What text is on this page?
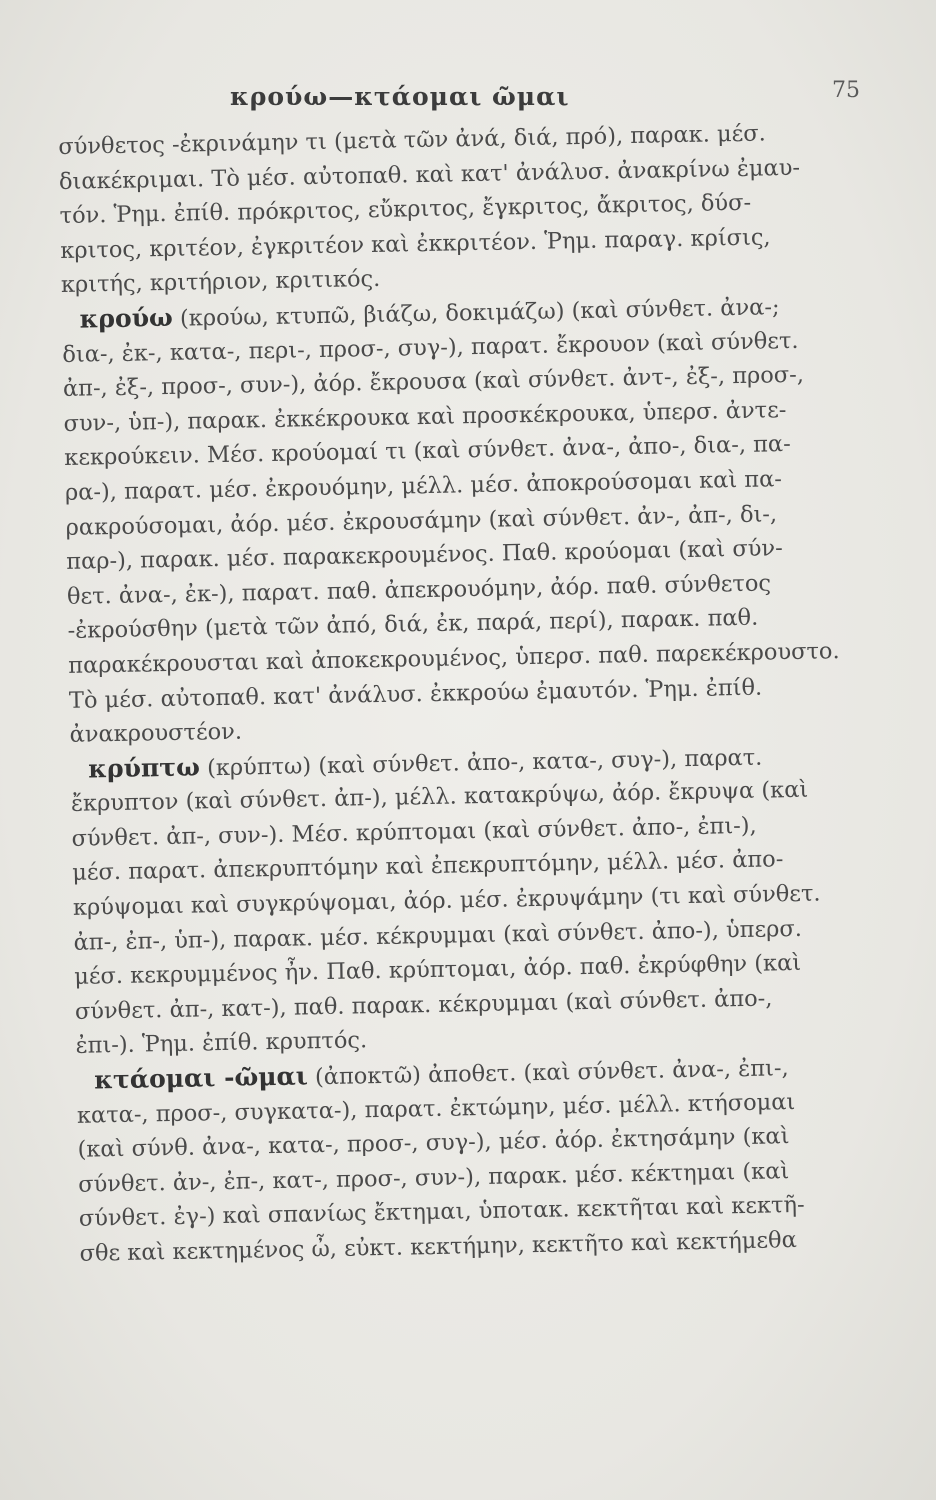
κρούω—κτάομαι ῶμαι	75
σύνθετος -ἐκρινάμην τι (μετὰ τῶν ἀνά, διά, πρό), παρακ. μέσ.
διακέκριμαι. Τὸ μέσ. αὐτοπαθ. καὶ κατ' ἀνάλυσ. ἀνακρίνω ἐμαυ-
τόν. Ῥημ. ἐπίθ. πρόκριτος, εὔκριτος, ἔγκριτος, ἄκριτος, δύσ-
κριτος, κριτέον, ἐγκριτέον καὶ ἐκκριτέον. Ῥημ. παραγ. κρίσις,
κριτής, κριτήριον, κριτικός.
κρούω (κρούω, κτυπῶ, βιάζω, δοκιμάζω) (καὶ σύνθετ. ἀνα-;
δια-, ἐκ-, κατα-, περι-, προσ-, συγ-), παρατ. ἔκρουον (καὶ σύνθετ.
ἀπ-, ἐξ-, προσ-, συν-), ἀόρ. ἔκρουσα (καὶ σύνθετ. ἀντ-, ἐξ-, προσ-,
συν-, ὑπ-), παρακ. ἐκκέκρουκα καὶ προσκέκρουκα, ὑπερσ. ἀντε-
κεκρούκειν. Μέσ. κρούομαί τι (καὶ σύνθετ. ἀνα-, ἀπο-, δια-, πα-
ρα-), παρατ. μέσ. ἐκρουόμην, μέλλ. μέσ. ἀποκρούσομαι καὶ πα-
ρακρούσομαι, ἀόρ. μέσ. ἐκρουσάμην (καὶ σύνθετ. ἀν-, ἀπ-, δι-,
παρ-), παρακ. μέσ. παρακεκρουμένος. Παθ. κρούομαι (καὶ σύν-
θετ. ἀνα-, ἐκ-), παρατ. παθ. ἀπεκρουόμην, ἀόρ. παθ. σύνθετος
-ἐκρούσθην (μετὰ τῶν ἀπό, διά, ἐκ, παρά, περί), παρακ. παθ.
παρακέκρουσται καὶ ἀποκεκρουμένος, ὑπερσ. παθ. παρεκέκρουστο.
Τὸ μέσ. αὐτοπαθ. κατ' ἀνάλυσ. ἐκκρούω ἐμαυτόν. Ῥημ. ἐπίθ.
ἀνακρουστέον.
κρύπτω (κρύπτω) (καὶ σύνθετ. ἀπο-, κατα-, συγ-), παρατ.
ἔκρυπτον (καὶ σύνθετ. ἀπ-), μέλλ. κατακρύψω, ἀόρ. ἔκρυψα (καὶ
σύνθετ. ἀπ-, συν-). Μέσ. κρύπτομαι (καὶ σύνθετ. ἀπο-, ἐπι-),
μέσ. παρατ. ἀπεκρυπτόμην καὶ ἐπεκρυπτόμην, μέλλ. μέσ. ἀπο-
κρύψομαι καὶ συγκρύψομαι, ἀόρ. μέσ. ἐκρυψάμην (τι καὶ σύνθετ.
ἀπ-, ἐπ-, ὑπ-), παρακ. μέσ. κέκρυμμαι (καὶ σύνθετ. ἀπο-), ὑπερσ.
μέσ. κεκρυμμένος ἦν. Παθ. κρύπτομαι, ἀόρ. παθ. ἐκρύφθην (καὶ
σύνθετ. ἀπ-, κατ-), παθ. παρακ. κέκρυμμαι (καὶ σύνθετ. ἀπο-,
ἐπι-). Ῥημ. ἐπίθ. κρυπτός.
κτάομαι -ῶμαι (ἀποκτῶ) ἀποθετ. (καὶ σύνθετ. ἀνα-, ἐπι-,
κατα-, προσ-, συγκατα-), παρατ. ἐκτώμην, μέσ. μέλλ. κτήσομαι
(καὶ σύνθ. ἀνα-, κατα-, προσ-, συγ-), μέσ. ἀόρ. ἐκτησάμην (καὶ
σύνθετ. ἀν-, ἐπ-, κατ-, προσ-, συν-), παρακ. μέσ. κέκτημαι (καὶ
σύνθετ. ἐγ-) καὶ σπανίως ἔκτημαι, ὑποτακ. κεκτῆται καὶ κεκτῆ-
σθε καὶ κεκτημένος ὦ, εὐκτ. κεκτήμην, κεκτῆτο καὶ κεκτήμεθα
